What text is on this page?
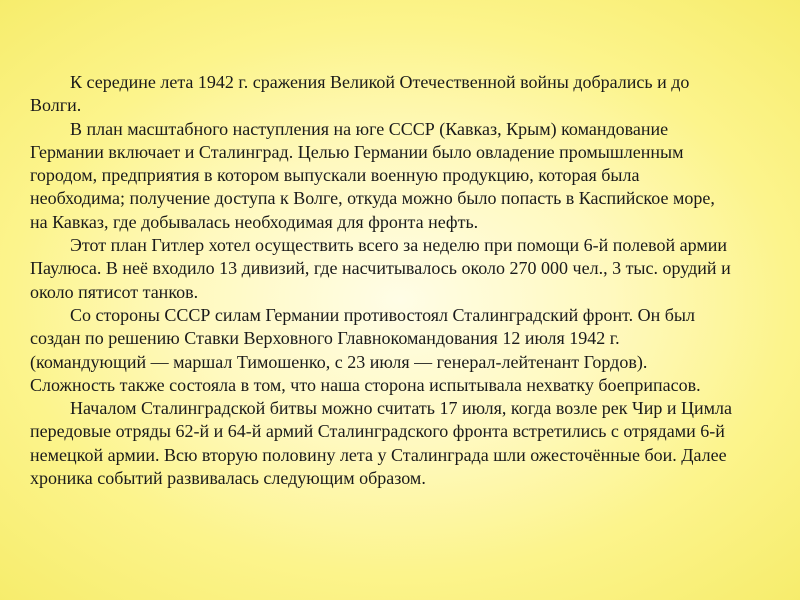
К середине лета 1942 г. сражения Великой Отечественной войны добрались и до Волги.

В план масштабного наступления на юге СССР (Кавказ, Крым) командование Германии включает и Сталинград. Целью Германии было овладение промышленным городом, предприятия в котором выпускали военную продукцию, которая была необходима; получение доступа к Волге, откуда можно было попасть в Каспийское море, на Кавказ, где добывалась необходимая для фронта нефть.

Этот план Гитлер хотел осуществить всего за неделю при помощи 6-й полевой армии Паулюса. В неё входило 13 дивизий, где насчитывалось около 270 000 чел., 3 тыс. орудий и около пятисот танков.

Со стороны СССР силам Германии противостоял Сталинградский фронт. Он был создан по решению Ставки Верховного Главнокомандования 12 июля 1942 г. (командующий — маршал Тимошенко, с 23 июля — генерал-лейтенант Гордов). Сложность также состояла в том, что наша сторона испытывала нехватку боеприпасов.

Началом Сталинградской битвы можно считать 17 июля, когда возле рек Чир и Цимла передовые отряды 62-й и 64-й армий Сталинградского фронта встретились с отрядами 6-й немецкой армии. Всю вторую половину лета у Сталинграда шли ожесточённые бои. Далее хроника событий развивалась следующим образом.
